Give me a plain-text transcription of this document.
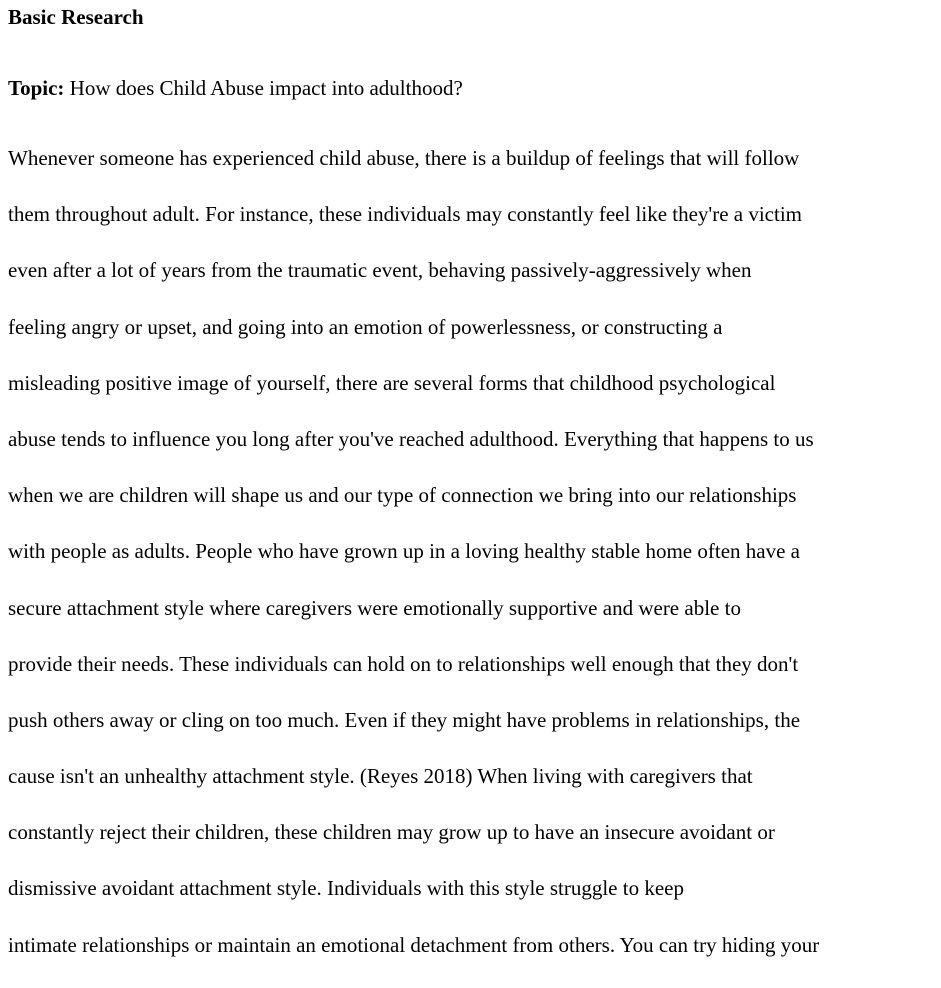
Basic Research
Topic: How does Child Abuse impact into adulthood?
Whenever someone has experienced child abuse, there is a buildup of feelings that will follow
them throughout adult. For instance, these individuals may constantly feel like they're a victim
even after a lot of years from the traumatic event, behaving passively-aggressively when
feeling angry or upset, and going into an emotion of powerlessness, or constructing a
misleading positive image of yourself, there are several forms that childhood psychological
abuse tends to influence you long after you've reached adulthood. Everything that happens to us
when we are children will shape us and our type of connection we bring into our relationships
with people as adults. People who have grown up in a loving healthy stable home often have a
secure attachment style where caregivers were emotionally supportive and were able to
provide their needs. These individuals can hold on to relationships well enough that they don't
push others away or cling on too much. Even if they might have problems in relationships, the
cause isn't an unhealthy attachment style. (Reyes 2018) When living with caregivers that
constantly reject their children, these children may grow up to have an insecure avoidant or
dismissive avoidant attachment style. Individuals with this style struggle to keep
intimate relationships or maintain an emotional detachment from others. You can try hiding your
